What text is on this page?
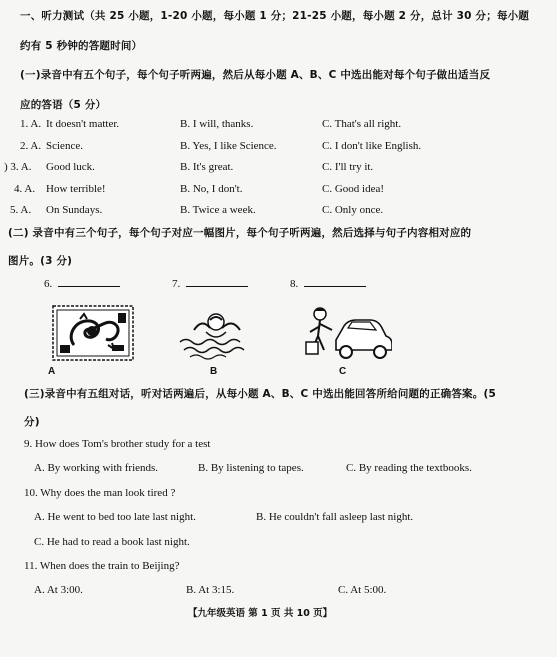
一、听力测试（共 25 小题，1-20 小题，每小题 1 分；21-25 小题，每小题 2 分，总计 30 分；每小题
约有 5 秒钟的答题时间）
(一)录音中有五个句子，每个句子听两遍，然后从每小题 A、B、C 中选出能对每个句子做出适当反
应的答语（5 分）
1. A. It doesn't matter.	B. I will, thanks.	C. That's all right.
2. A. Science.	B. Yes, I like Science.	C. I don't like English.
) 3. A. Good luck.	B. It's great.	C. I'll try it.
4. A. How terrible!	B. No, I don't.	C. Good idea!
5. A. On Sundays.	B. Twice a week.	C. Only once.
(二) 录音中有三个句子，每个句子对应一幅图片，每个句子听两遍，然后选择与句子内容相对应的
图片。(3 分)
6.	7.	8.
A	B	C
(三)录音中有五组对话，听对话两遍后，从每小题 A、B、C 中选出能回答所给问题的正确答案。(5
分)
9. How does Tom's brother study for a test
A. By working with friends.	B. By listening to tapes.	C. By reading the textbooks.
10. Why does the man look tired ?
A. He went to bed too late last night.	B. He couldn't fall asleep last night.
C. He had to read a book last night.
11. When does the train to Beijing?
A. At 3:00.	B. At 3:15.	C. At 5:00.
【九年级英语 第 1 页 共 10 页】
